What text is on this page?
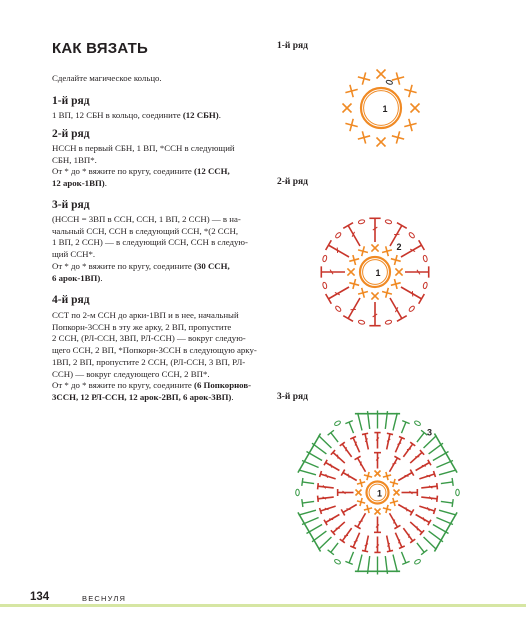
КАК ВЯЗАТЬ
Сделайте магическое кольцо.
1-й ряд
1 ВП, 12 СБН в кольцо, соедините (12 СБН).
2-й ряд
НССН в первый СБН, 1 ВП, *ССН в следующий
СБН, 1ВП*.
От * до * вяжите по кругу, соедините (12 ССН,
12 арок-1ВП).
3-й ряд
(НССН = 3ВП в ССН, ССН, 1 ВП, 2 ССН) — в на-
чальный ССН, ССН в следующий ССН, *(2 ССН,
1 ВП, 2 ССН) — в следующий ССН, ССН в следую-
щий ССН*.
От * до * вяжите по кругу, соедините (30 ССН,
6 арок-1ВП).
4-й ряд
ССТ по 2-м ССН до арки-1ВП и в нее, начальный
Попкорн-3ССН в эту же арку, 2 ВП, пропустите
2 ССН, (РЛ-ССН, 3ВП, РЛ-ССН) — вокруг следую-
щего ССН, 2 ВП, *Попкорн-3ССН в следующую арку-
1ВП, 2 ВП, пропустите 2 ССН, (РЛ-ССН, 3 ВП, РЛ-
ССН) — вокруг следующего ССН, 2 ВП*.
От * до * вяжите по кругу, соедините (6 Попкорнов-
3ССН, 12 РЛ-ССН, 12 арок-2ВП, 6 арок-3ВП).
1-й ряд
1
2-й ряд
1
2
3-й ряд
1
3
134	ВЕСНУЛЯ
